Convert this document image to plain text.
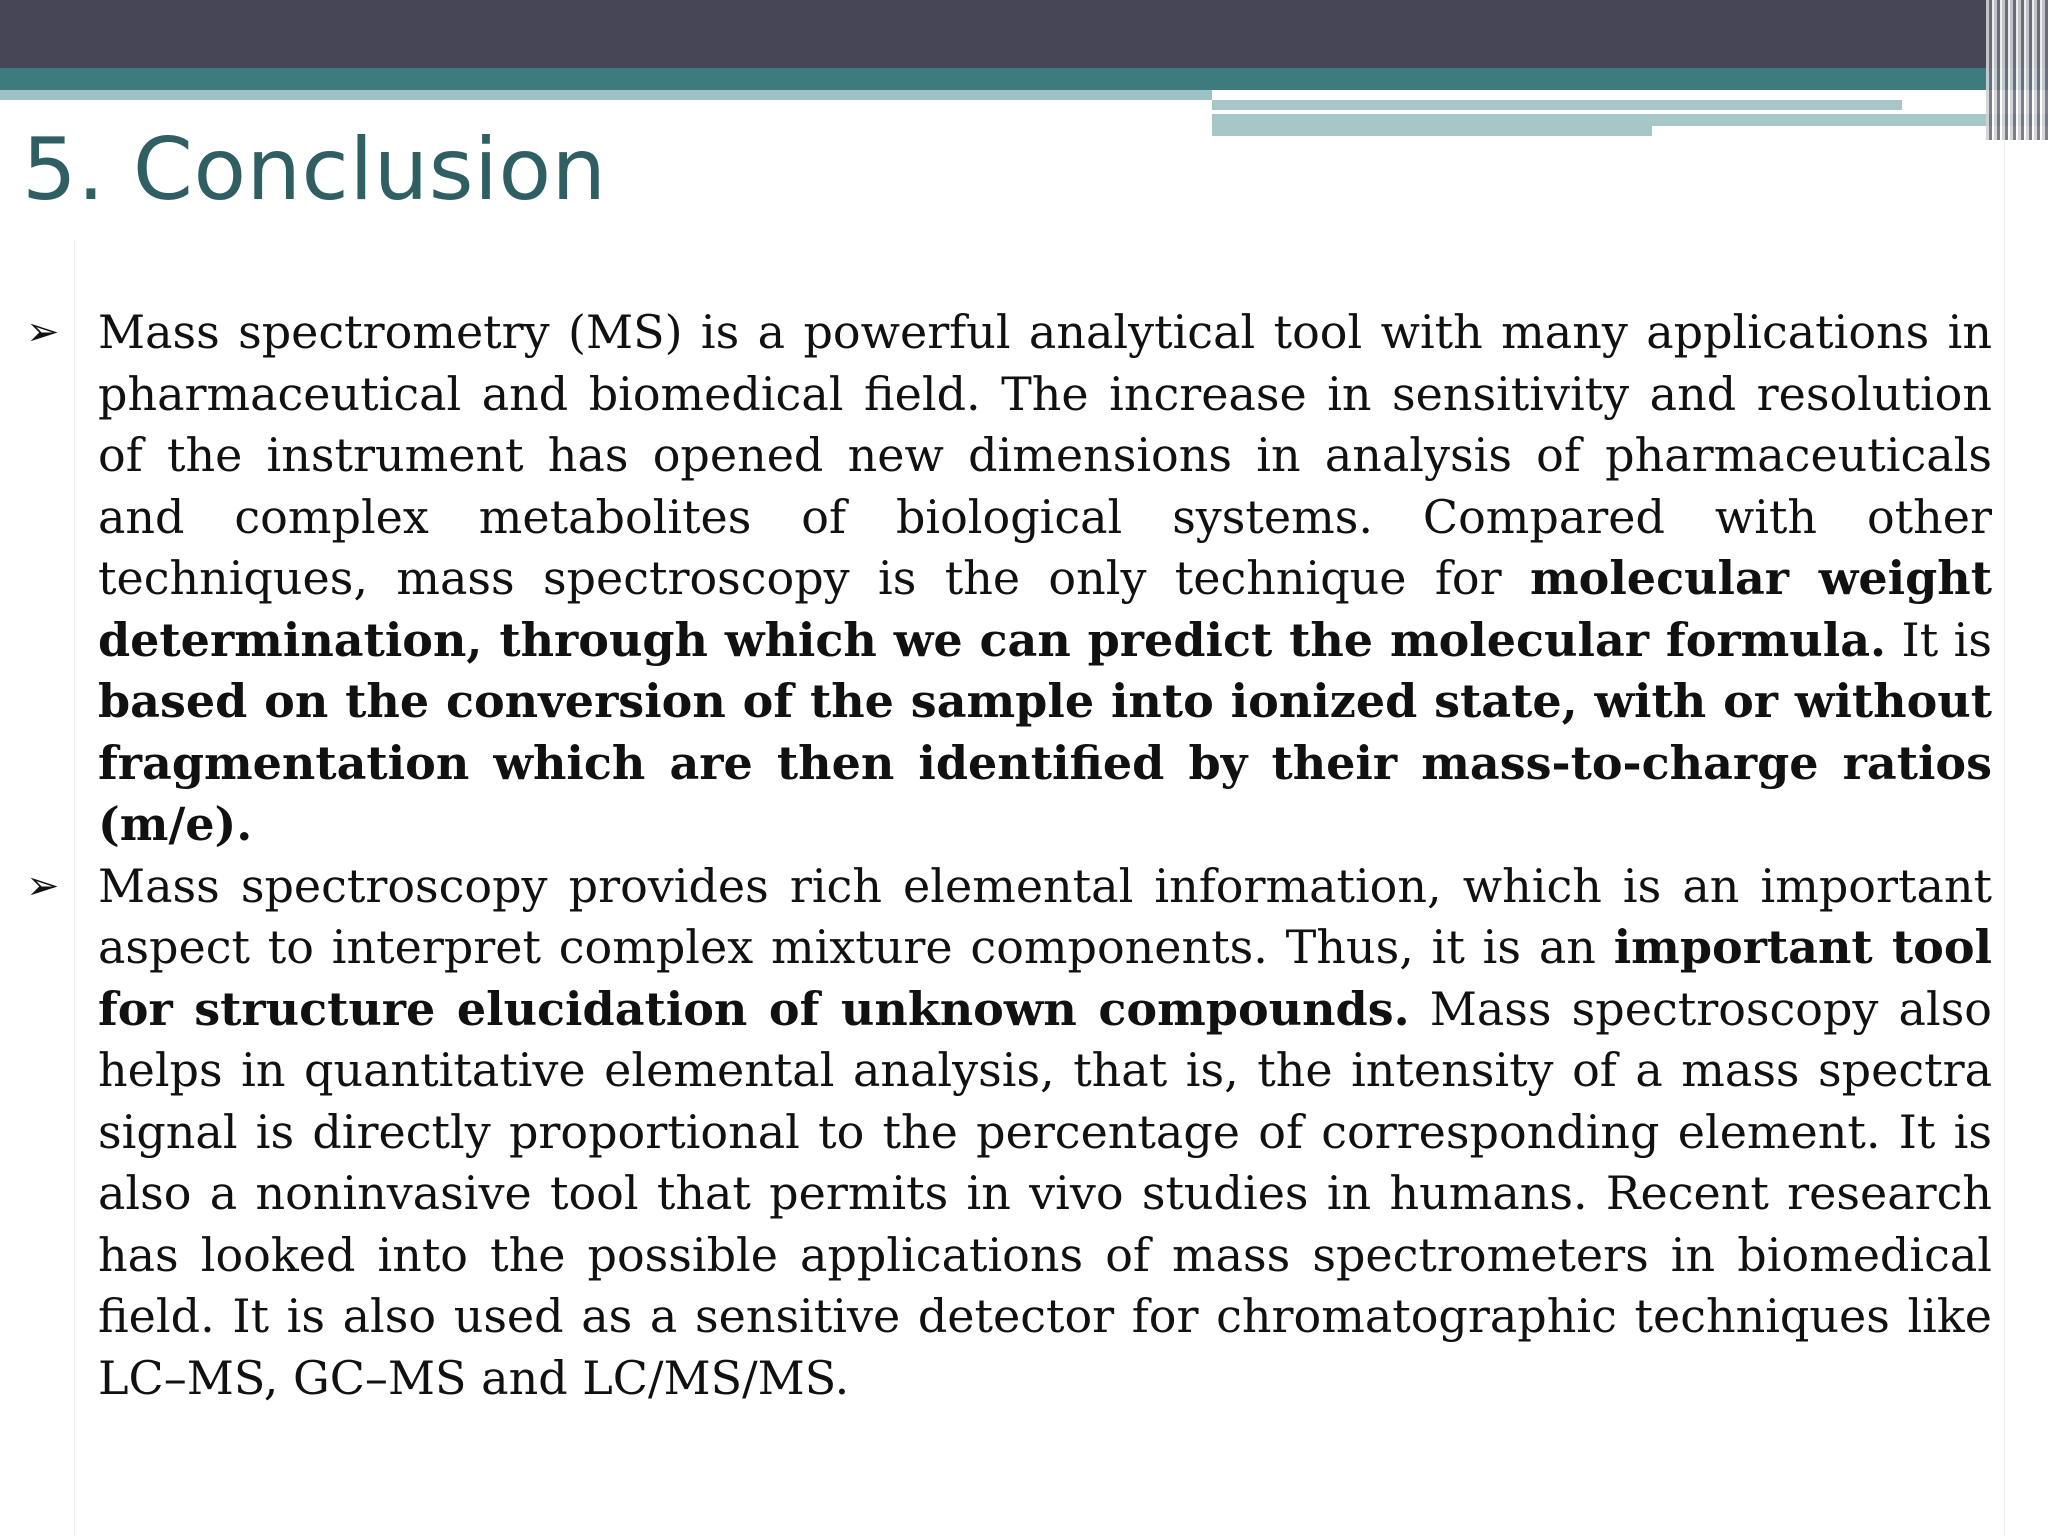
5. Conclusion
➢ Mass spectrometry (MS) is a powerful analytical tool with many applications in pharmaceutical and biomedical field. The increase in sensitivity and resolution of the instrument has opened new dimensions in analysis of pharmaceuticals and complex metabolites of biological systems. Compared with other techniques, mass spectroscopy is the only technique for molecular weight determination, through which we can predict the molecular formula. It is based on the conversion of the sample into ionized state, with or without fragmentation which are then identified by their mass-to-charge ratios (m/e).
➢ Mass spectroscopy provides rich elemental information, which is an important aspect to interpret complex mixture components. Thus, it is an important tool for structure elucidation of unknown compounds. Mass spectroscopy also helps in quantitative elemental analysis, that is, the intensity of a mass spectra signal is directly proportional to the percentage of corresponding element. It is also a noninvasive tool that permits in vivo studies in humans. Recent research has looked into the possible applications of mass spectrometers in biomedical field. It is also used as a sensitive detector for chromatographic techniques like LC–MS, GC–MS and LC/MS/MS.
